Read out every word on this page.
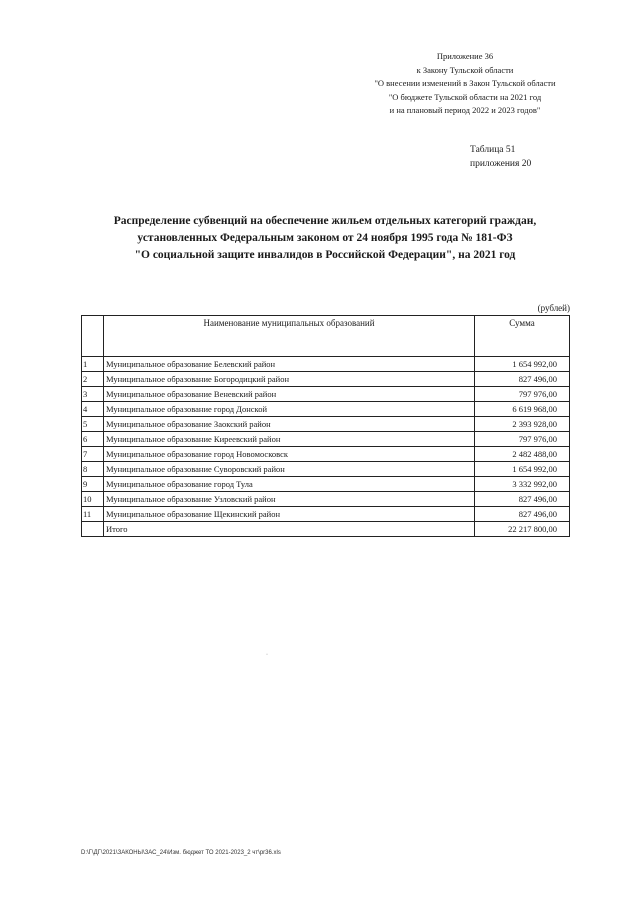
Приложение 36
к Закону Тульской области
"О внесении изменений в Закон Тульской области
"О бюджете Тульской области на 2021 год
и на плановый период 2022 и 2023 годов"
Таблица 51
приложения 20
Распределение субвенций на обеспечение жильем отдельных категорий граждан,
установленных Федеральным законом от 24 ноября 1995 года № 181-ФЗ
"О социальной защите инвалидов в Российской Федерации", на 2021 год
(рублей)
	Наименование муниципальных образований	Сумма
1	Муниципальное образование Белевский район	1 654 992,00
2	Муниципальное образование Богородицкий район	827 496,00
3	Муниципальное образование Веневский район	797 976,00
4	Муниципальное образование город Донской	6 619 968,00
5	Муниципальное образование Заокский район	2 393 928,00
6	Муниципальное образование Киреевский район	797 976,00
7	Муниципальное образование город Новомосковск	2 482 488,00
8	Муниципальное образование Суворовский район	1 654 992,00
9	Муниципальное образование город Тула	3 332 992,00
10	Муниципальное образование Узловский район	827 496,00
11	Муниципальное образование Щекинский район	827 496,00
	Итого	22 217 800,00
·
D:\Г\ДГ\2021\ЗАКОНЫ\ЗАС_24\Изм. бюджет ТО 2021-2023_2 чт\pr36.xls
